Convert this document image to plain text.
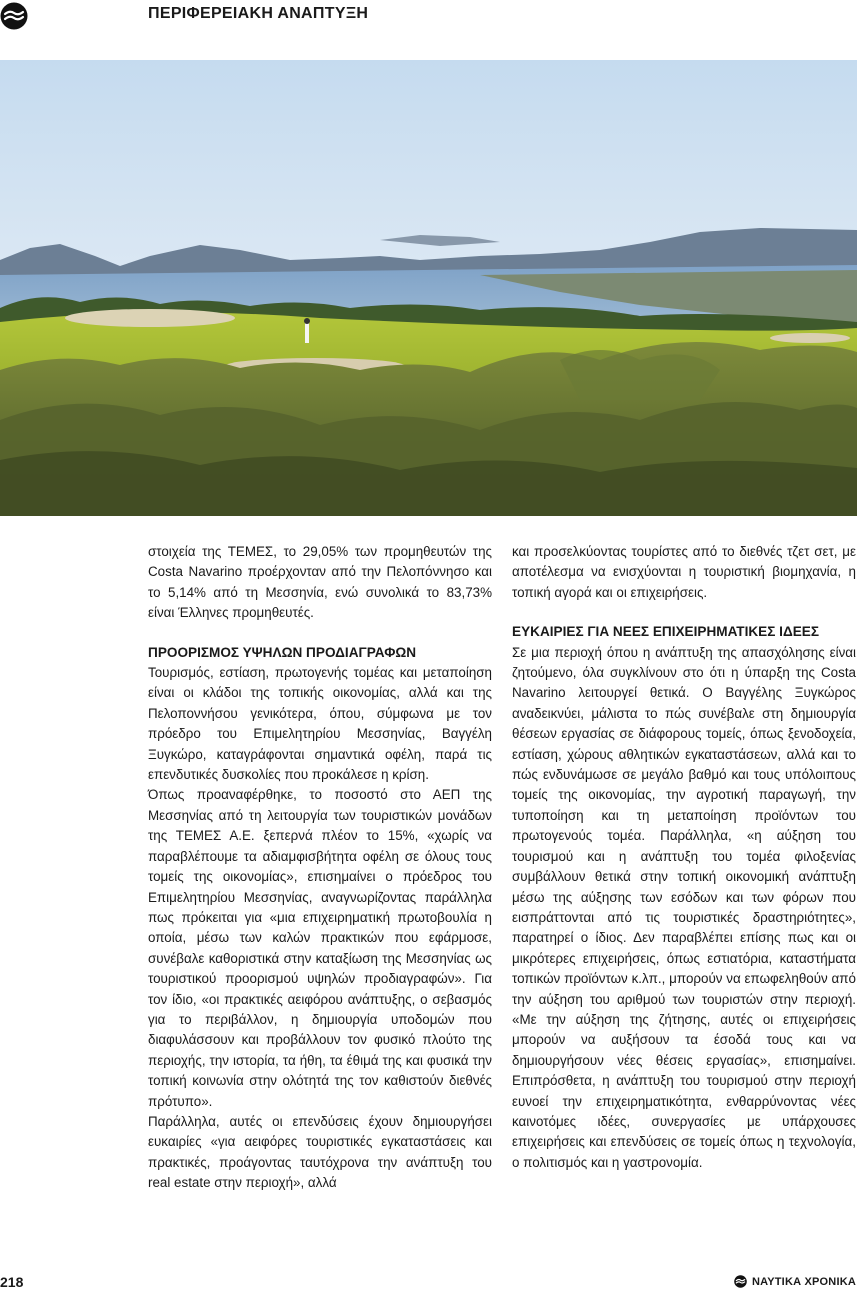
ΠΕΡΙΦΕΡΕΙΑΚΗ ΑΝΑΠΤΥΞΗ

στοιχεία της ΤΕΜΕΣ, το 29,05% των προμηθευτών της Costa Navarino προέρχονταν από την Πελοπόννησο και το 5,14% από τη Μεσσηνία, ενώ συνολικά το 83,73% είναι Έλληνες προμηθευτές.

ΠΡΟΟΡΙΣΜΟΣ ΥΨΗΛΩΝ ΠΡΟΔΙΑΓΡΑΦΩΝ

Τουρισμός, εστίαση, πρωτογενής τομέας και μεταποίηση είναι οι κλάδοι της τοπικής οικονομίας, αλλά και της Πελοποννήσου γενικότερα, όπου, σύμφωνα με τον πρόεδρο του Επιμελητηρίου Μεσσηνίας, Βαγγέλη Ξυγκώρο, καταγράφονται σημαντικά οφέλη, παρά τις επενδυτικές δυσκολίες που προκάλεσε η κρίση.

Όπως προαναφέρθηκε, το ποσοστό στο ΑΕΠ της Μεσσηνίας από τη λειτουργία των τουριστικών μονάδων της ΤΕΜΕΣ Α.Ε. ξεπερνά πλέον το 15%, «χωρίς να παραβλέπουμε τα αδιαμφισβήτητα οφέλη σε όλους τους τομείς της οικονομίας», επισημαίνει ο πρόεδρος του Επιμελητηρίου Μεσσηνίας, αναγνωρίζοντας παράλληλα πως πρόκειται για «μια επιχειρηματική πρωτοβουλία η οποία, μέσω των καλών πρακτικών που εφάρμοσε, συνέβαλε καθοριστικά στην καταξίωση της Μεσσηνίας ως τουριστικού προορισμού υψηλών προδιαγραφών». Για τον ίδιο, «οι πρακτικές αειφόρου ανάπτυξης, ο σεβασμός για το περιβάλλον, η δημιουργία υποδομών που διαφυλάσσουν και προβάλλουν τον φυσικό πλούτο της περιοχής, την ιστορία, τα ήθη, τα έθιμά της και φυσικά την τοπική κοινωνία στην ολότητά της τον καθιστούν διεθνές πρότυπο».

Παράλληλα, αυτές οι επενδύσεις έχουν δημιουργήσει ευκαιρίες «για αειφόρες τουριστικές εγκαταστάσεις και πρακτικές, προάγοντας ταυτόχρονα την ανάπτυξη του real estate στην περιοχή», αλλά

και προσελκύοντας τουρίστες από το διεθνές τζετ σετ, με αποτέλεσμα να ενισχύονται η τουριστική βιομηχανία, η τοπική αγορά και οι επιχειρήσεις.

ΕΥΚΑΙΡΙΕΣ ΓΙΑ ΝΕΕΣ ΕΠΙΧΕΙΡΗΜΑΤΙΚΕΣ ΙΔΕΕΣ

Σε μια περιοχή όπου η ανάπτυξη της απασχόλησης είναι ζητούμενο, όλα συγκλίνουν στο ότι η ύπαρξη της Costa Navarino λειτουργεί θετικά. Ο Βαγγέλης Ξυγκώρος αναδεικνύει, μάλιστα το πώς συνέβαλε στη δημιουργία θέσεων εργασίας σε διάφορους τομείς, όπως ξενοδοχεία, εστίαση, χώρους αθλητικών εγκαταστάσεων, αλλά και το πώς ενδυνάμωσε σε μεγάλο βαθμό και τους υπόλοιπους τομείς της οικονομίας, την αγροτική παραγωγή, την τυποποίηση και τη μεταποίηση προϊόντων του πρωτογενούς τομέα. Παράλληλα, «η αύξηση του τουρισμού και η ανάπτυξη του τομέα φιλοξενίας συμβάλλουν θετικά στην τοπική οικονομική ανάπτυξη μέσω της αύξησης των εσόδων και των φόρων που εισπράττονται από τις τουριστικές δραστηριότητες», παρατηρεί ο ίδιος. Δεν παραβλέπει επίσης πως και οι μικρότερες επιχειρήσεις, όπως εστιατόρια, καταστήματα τοπικών προϊόντων κ.λπ., μπορούν να επωφεληθούν από την αύξηση του αριθμού των τουριστών στην περιοχή. «Με την αύξηση της ζήτησης, αυτές οι επιχειρήσεις μπορούν να αυξήσουν τα έσοδά τους και να δημιουργήσουν νέες θέσεις εργασίας», επισημαίνει. Επιπρόσθετα, η ανάπτυξη του τουρισμού στην περιοχή ευνοεί την επιχειρηματικότητα, ενθαρρύνοντας νέες καινοτόμες ιδέες, συνεργασίες με υπάρχουσες επιχειρήσεις και επενδύσεις σε τομείς όπως η τεχνολογία, ο πολιτισμός και η γαστρονομία.

218	ΝΑΥΤΙΚΑ ΧΡΟΝΙΚΑ
